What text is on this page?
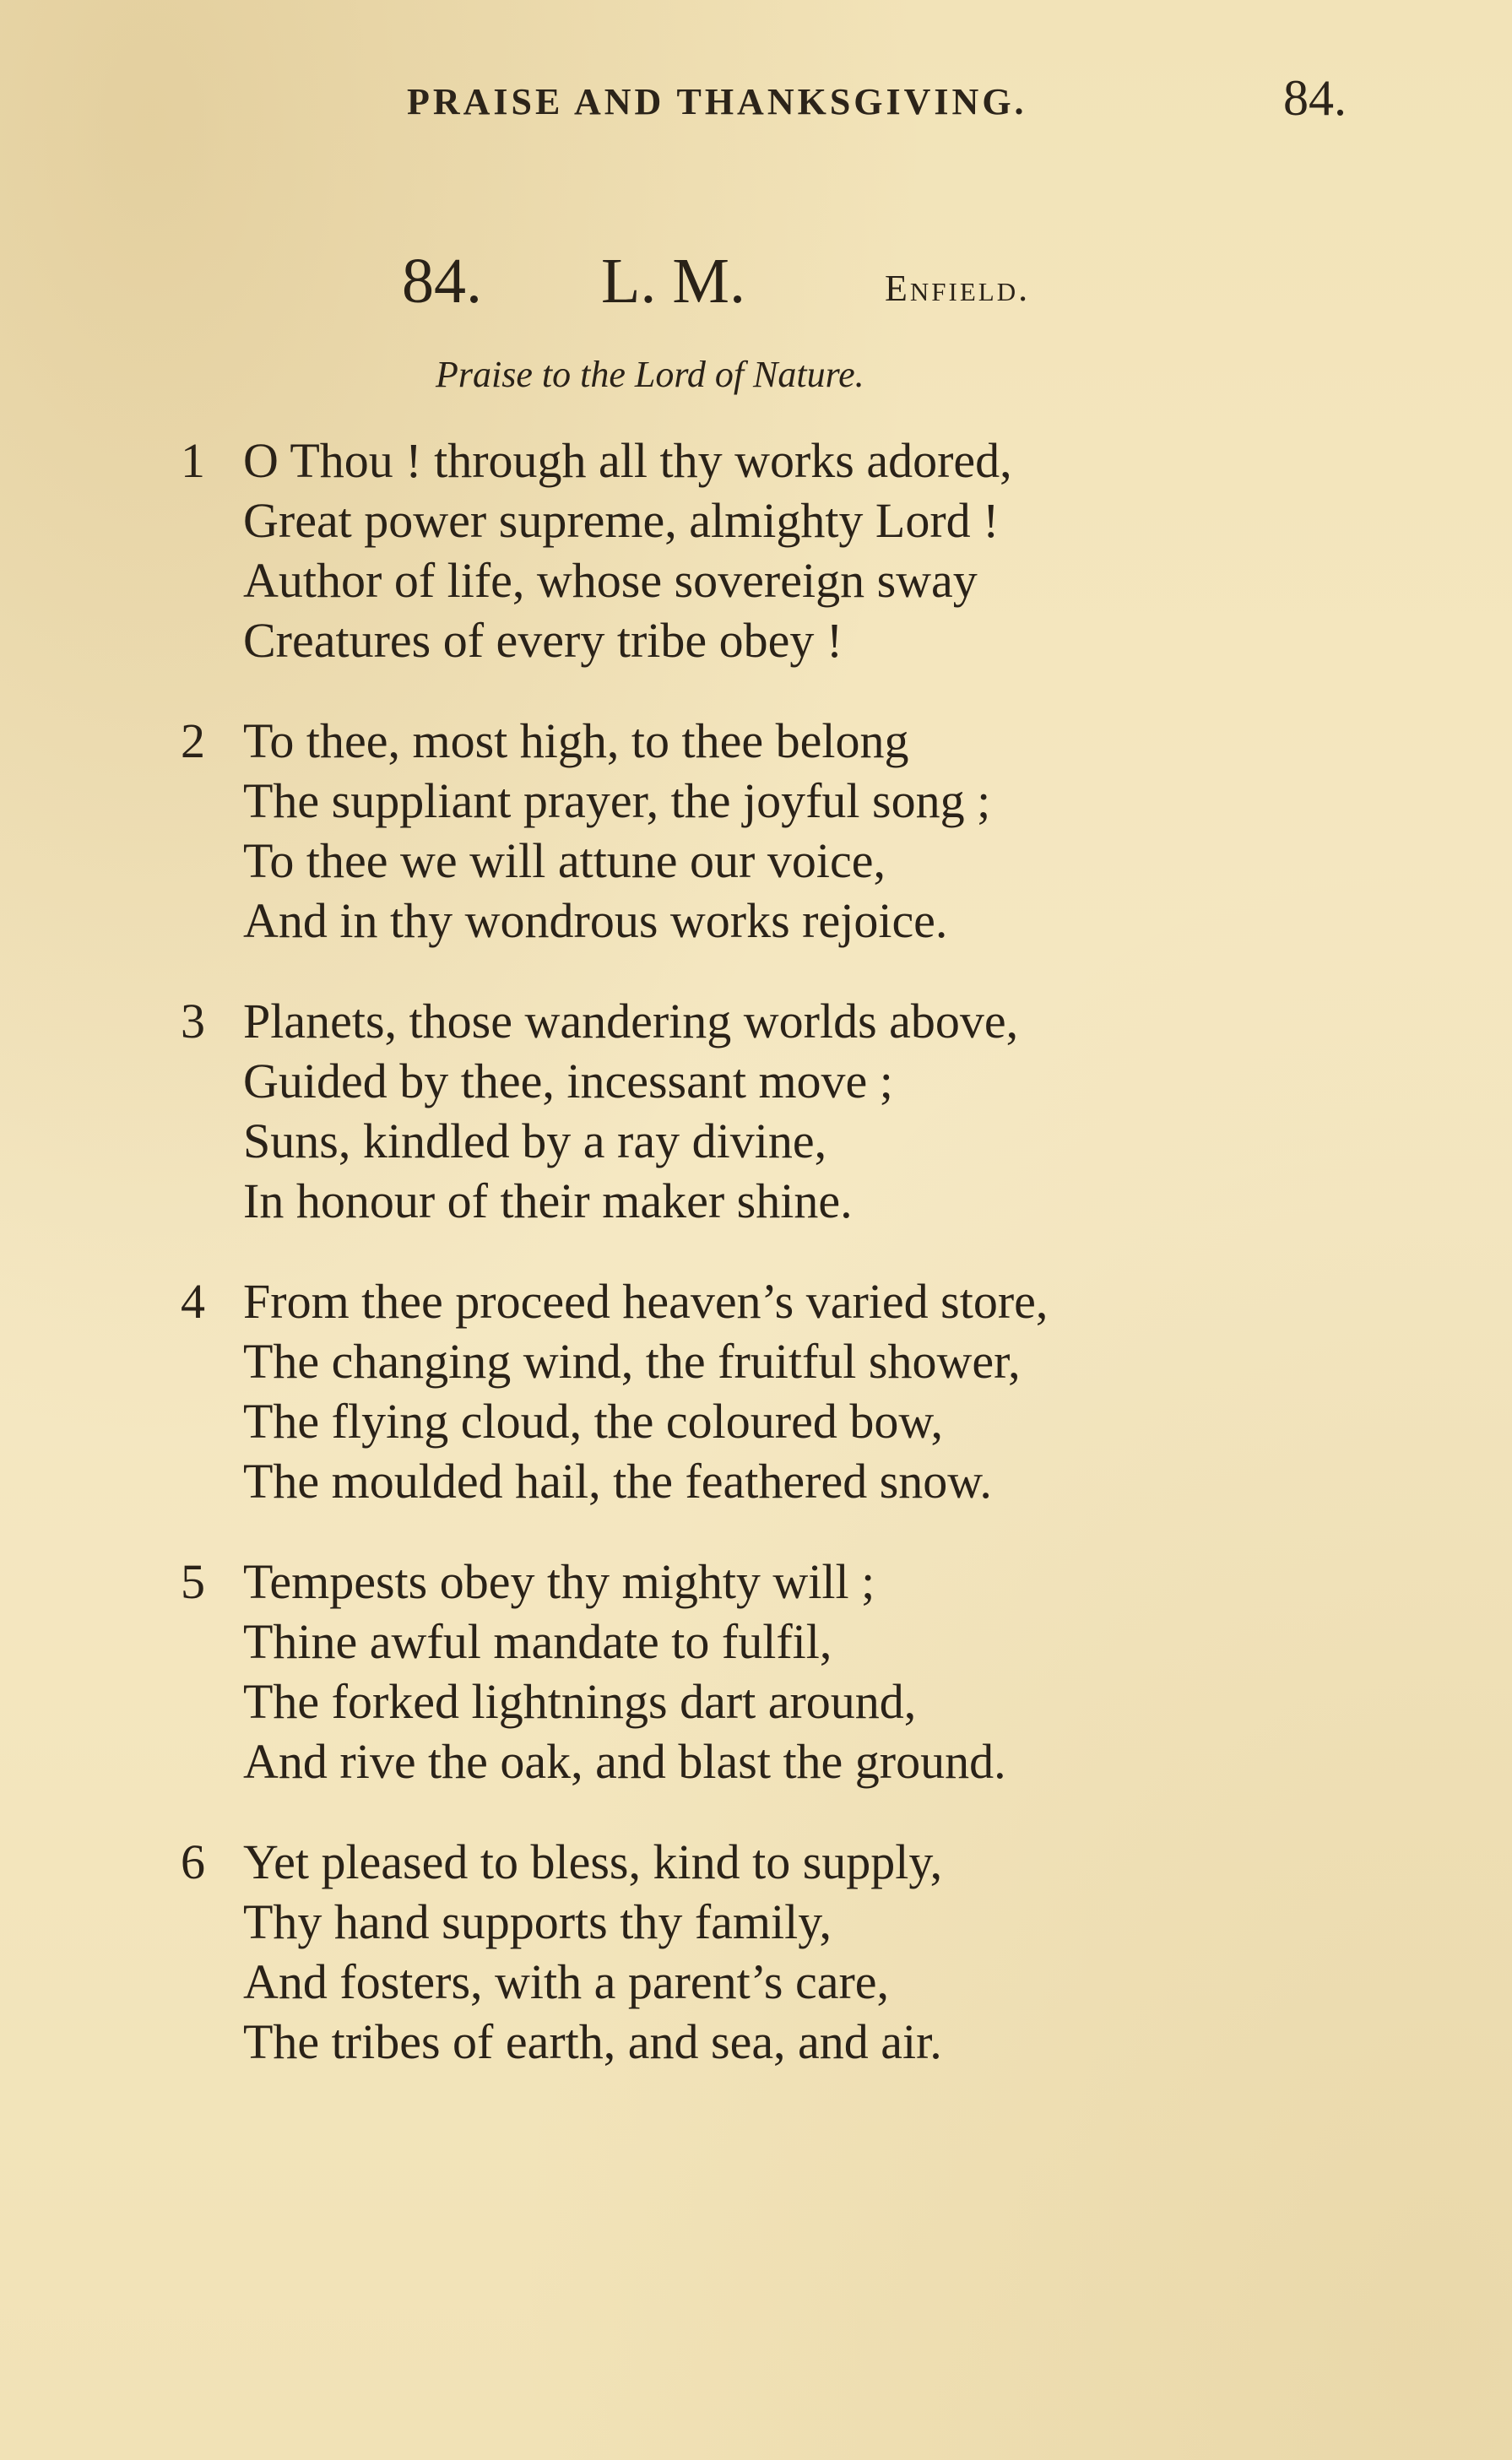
PRAISE AND THANKSGIVING.	84.
84. L. M.	Enfield.
Praise to the Lord of Nature.
1 O Thou ! through all thy works adored,
Great power supreme, almighty Lord !
Author of life, whose sovereign sway
Creatures of every tribe obey !
2 To thee, most high, to thee belong
The suppliant prayer, the joyful song ;
To thee we will attune our voice,
And in thy wondrous works rejoice.
3 Planets, those wandering worlds above,
Guided by thee, incessant move ;
Suns, kindled by a ray divine,
In honour of their maker shine.
4 From thee proceed heaven’s varied store,
The changing wind, the fruitful shower,
The flying cloud, the coloured bow,
The moulded hail, the feathered snow.
5 Tempests obey thy mighty will ;
Thine awful mandate to fulfil,
The forked lightnings dart around,
And rive the oak, and blast the ground.
6 Yet pleased to bless, kind to supply,
Thy hand supports thy family,
And fosters, with a parent’s care,
The tribes of earth, and sea, and air.
